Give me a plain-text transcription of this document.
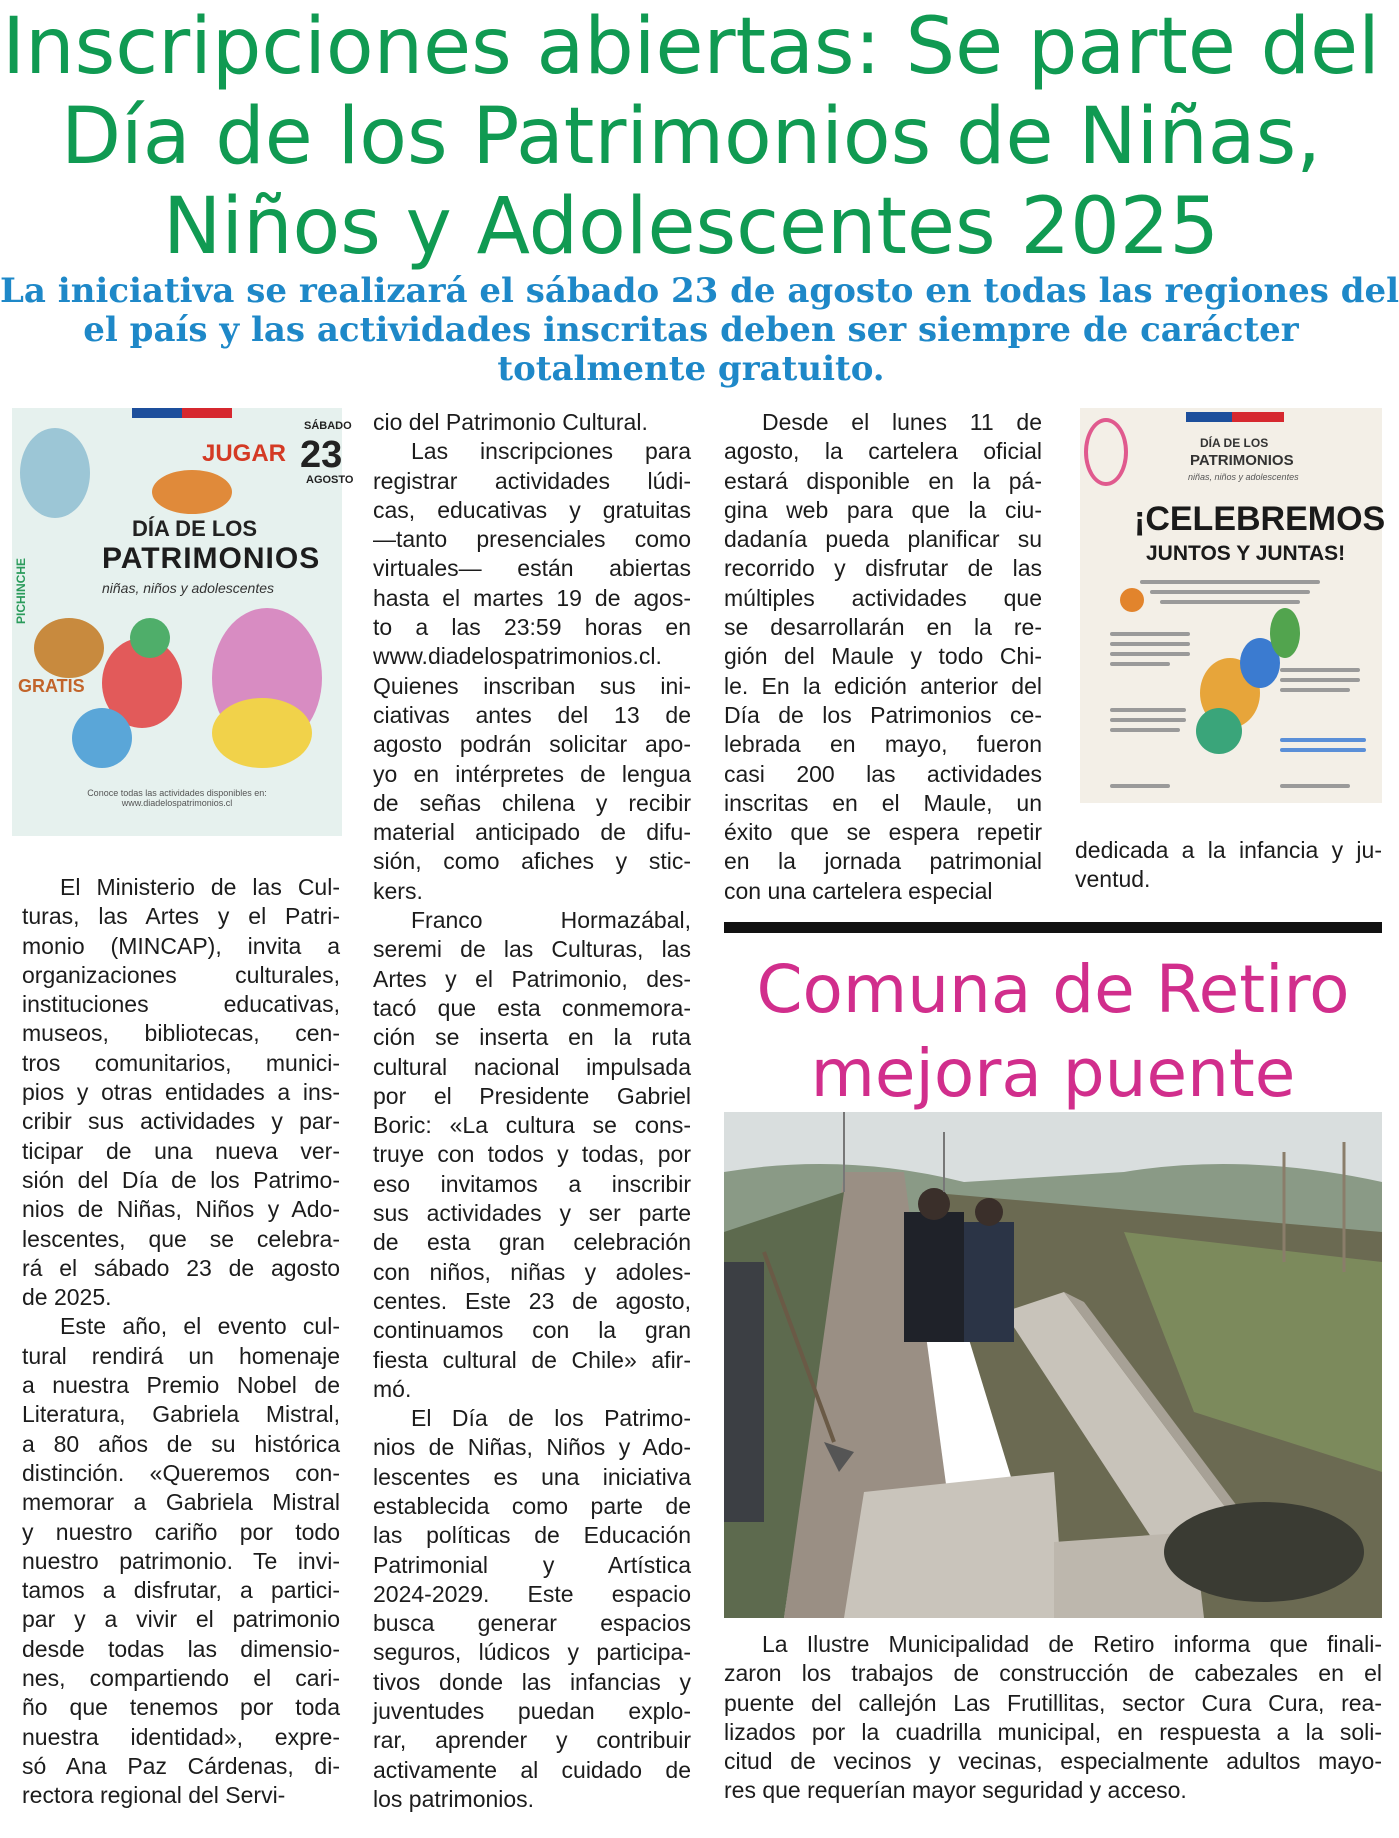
Inscripciones abiertas: Se parte del
Día de los Patrimonios de Niñas,
Niños y Adolescentes 2025
La iniciativa se realizará el sábado 23 de agosto en todas las regiones del
el país y las actividades inscritas deben ser siempre de carácter
totalmente gratuito.
JUGAR
SÁBADO
23
AGOSTO
DÍA DE LOS
PATRIMONIOS
niñas, niños y adolescentes
PICHINCHE
GRATIS
Conoce todas las actividades disponibles en: www.diadelospatrimonios.cl
DÍA DE LOS
PATRIMONIOS
niñas, niños y adolescentes
¡CELEBREMOS
JUNTOS Y JUNTAS!
El Ministerio de las Cul-
turas, las Artes y el Patri-
monio (MINCAP), invita a
organizaciones culturales,
instituciones educativas,
museos, bibliotecas, cen-
tros comunitarios, munici-
pios y otras entidades a ins-
cribir sus actividades y par-
ticipar de una nueva ver-
sión del Día de los Patrimo-
nios de Niñas, Niños y Ado-
lescentes, que se celebra-
rá el sábado 23 de agosto
de 2025.
Este año, el evento cul-
tural rendirá un homenaje
a nuestra Premio Nobel de
Literatura, Gabriela Mistral,
a 80 años de su histórica
distinción. «Queremos con-
memorar a Gabriela Mistral
y nuestro cariño por todo
nuestro patrimonio. Te invi-
tamos a disfrutar, a partici-
par y a vivir el patrimonio
desde todas las dimensio-
nes, compartiendo el cari-
ño que tenemos por toda
nuestra identidad», expre-
só Ana Paz Cárdenas, di-
rectora regional del Servi-
cio del Patrimonio Cultural.
Las inscripciones para
registrar actividades lúdi-
cas, educativas y gratuitas
—tanto presenciales como
virtuales— están abiertas
hasta el martes 19 de agos-
to a las 23:59 horas en
www.diadelospatrimonios.cl.
Quienes inscriban sus ini-
ciativas antes del 13 de
agosto podrán solicitar apo-
yo en intérpretes de lengua
de señas chilena y recibir
material anticipado de difu-
sión, como afiches y stic-
kers.
Franco Hormazábal,
seremi de las Culturas, las
Artes y el Patrimonio, des-
tacó que esta conmemora-
ción se inserta en la ruta
cultural nacional impulsada
por el Presidente Gabriel
Boric: «La cultura se cons-
truye con todos y todas, por
eso invitamos a inscribir
sus actividades y ser parte
de esta gran celebración
con niños, niñas y adoles-
centes. Este 23 de agosto,
continuamos con la gran
fiesta cultural de Chile» afir-
mó.
El Día de los Patrimo-
nios de Niñas, Niños y Ado-
lescentes es una iniciativa
establecida como parte de
las políticas de Educación
Patrimonial y Artística
2024-2029. Este espacio
busca generar espacios
seguros, lúdicos y participa-
tivos donde las infancias y
juventudes puedan explo-
rar, aprender y contribuir
activamente al cuidado de
los patrimonios.
Desde el lunes 11 de
agosto, la cartelera oficial
estará disponible en la pá-
gina web para que la ciu-
dadanía pueda planificar su
recorrido y disfrutar de las
múltiples actividades que
se desarrollarán en la re-
gión del Maule y todo Chi-
le. En la edición anterior del
Día de los Patrimonios ce-
lebrada en mayo, fueron
casi 200 las actividades
inscritas en el Maule, un
éxito que se espera repetir
en la jornada patrimonial
con una cartelera especial
dedicada a la infancia y ju-
ventud.
Comuna de Retiro
mejora puente
La Ilustre Municipalidad de Retiro informa que finali-
zaron los trabajos de construcción de cabezales en el
puente del callejón Las Frutillitas, sector Cura Cura, rea-
lizados por la cuadrilla municipal, en respuesta a la soli-
citud de vecinos y vecinas, especialmente adultos mayo-
res que requerían mayor seguridad y acceso.
